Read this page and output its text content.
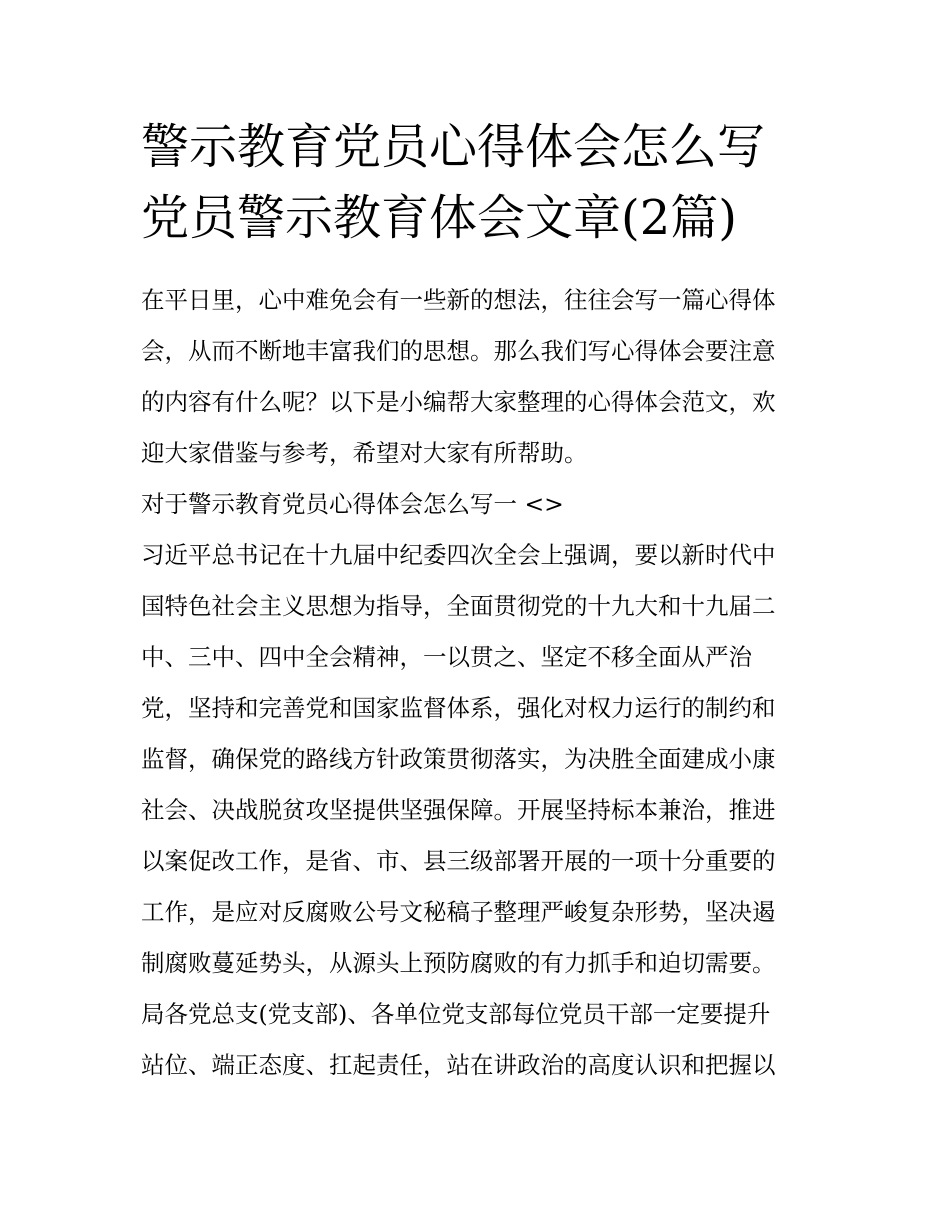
警示教育党员心得体会怎么写
党员警示教育体会文章(2篇)

在平日里，心中难免会有一些新的想法，往往会写一篇心得体
会，从而不断地丰富我们的思想。那么我们写心得体会要注意
的内容有什么呢？以下是小编帮大家整理的心得体会范文，欢
迎大家借鉴与参考，希望对大家有所帮助。

对于警示教育党员心得体会怎么写一 <>

习近平总书记在十九届中纪委四次全会上强调，要以新时代中
国特色社会主义思想为指导，全面贯彻党的十九大和十九届二
中、三中、四中全会精神，一以贯之、坚定不移全面从严治
党，坚持和完善党和国家监督体系，强化对权力运行的制约和
监督，确保党的路线方针政策贯彻落实，为决胜全面建成小康
社会、决战脱贫攻坚提供坚强保障。开展坚持标本兼治，推进
以案促改工作，是省、市、县三级部署开展的一项十分重要的
工作，是应对反腐败公号文秘稿子整理严峻复杂形势，坚决遏
制腐败蔓延势头，从源头上预防腐败的有力抓手和迫切需要。
局各党总支(党支部)、各单位党支部每位党员干部一定要提升
站位、端正态度、扛起责任，站在讲政治的高度认识和把握以
